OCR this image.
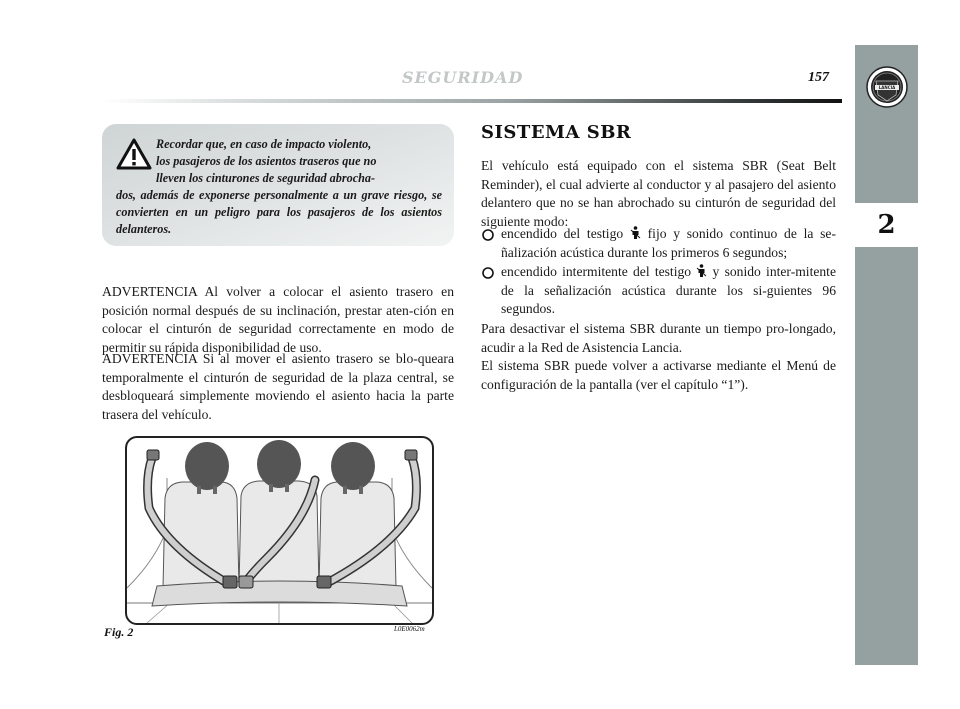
LANCIA
2
SEGURIDAD	157
Recordar que, en caso de impacto violento,
los pasajeros de los asientos traseros que no
lleven los cinturones de seguridad abrocha-
dos, además de exponerse personalmente a un grave riesgo, se convierten en un peligro para los pasajeros de los asientos delanteros.
ADVERTENCIA Al volver a colocar el asiento trasero en posición normal después de su inclinación, prestar aten-ción en colocar el cinturón de seguridad correctamente en modo de permitir su rápida disponibilidad de uso.
ADVERTENCIA Si al mover el asiento trasero se blo-queara temporalmente el cinturón de seguridad de la plaza central, se desbloqueará simplemente moviendo el asiento hacia la parte trasera del vehículo.
SISTEMA SBR
El vehículo está equipado con el sistema SBR (Seat Belt Reminder), el cual advierte al conductor y al pasajero del asiento delantero que no se han abrochado su cinturón de seguridad del siguiente modo:
encendido del testigo  fijo y sonido continuo de la se-ñalización acústica durante los primeros 6 segundos;
encendido intermitente del testigo  y sonido inter-mitente de la señalización acústica durante los si-guientes 96 segundos.
Para desactivar el sistema SBR durante un tiempo pro-longado, acudir a la Red de Asistencia Lancia.
El sistema SBR puede volver a activarse mediante el Menú de configuración de la pantalla (ver el capítulo “1”).
Fig. 2	L0E0062m
